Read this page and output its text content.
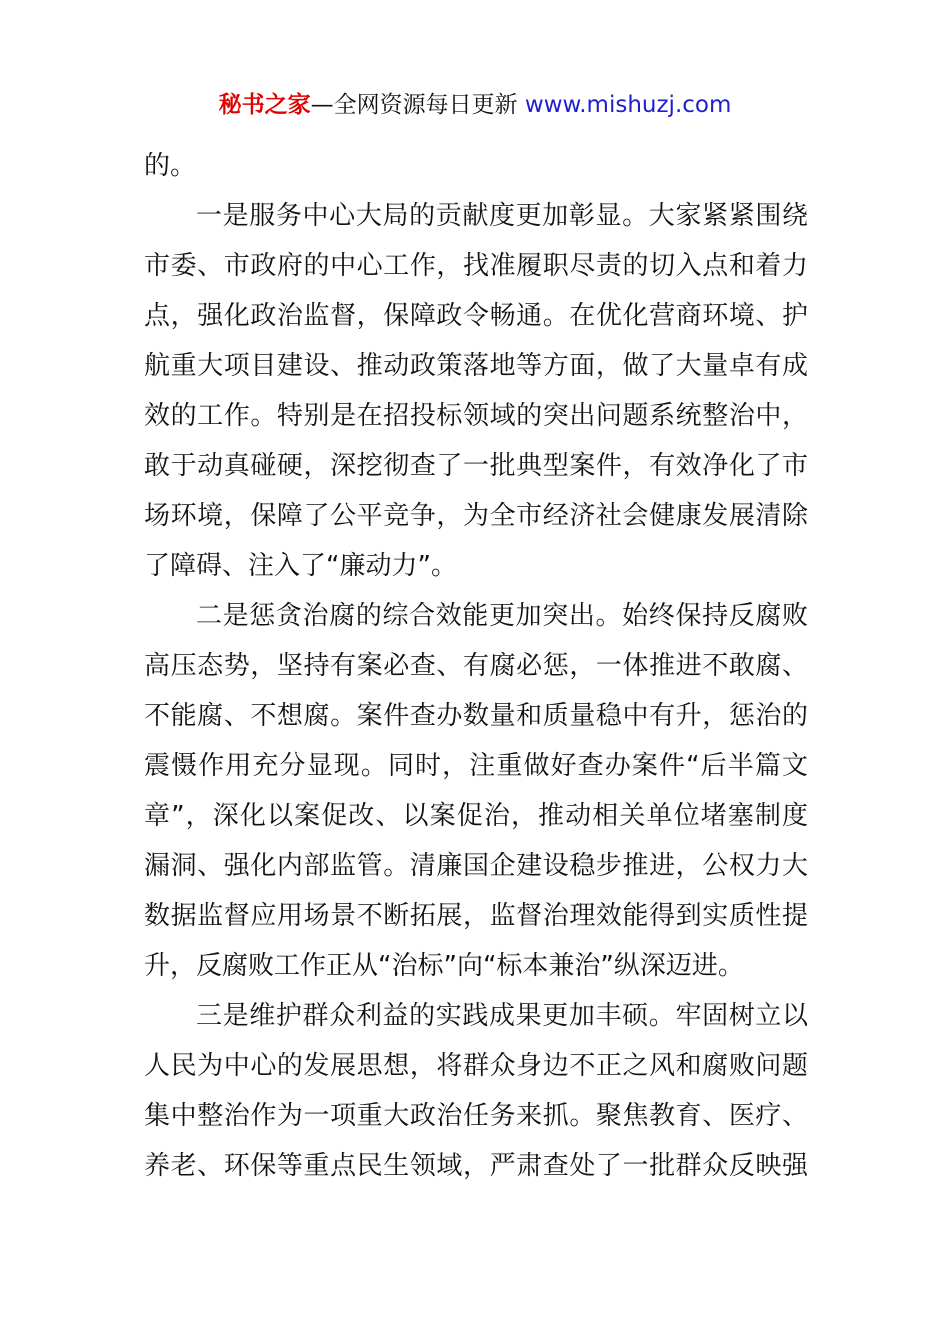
秘书之家—全网资源每日更新 www.mishuzj.com
的。
一是服务中心大局的贡献度更加彰显。大家紧紧围绕
市委、市政府的中心工作，找准履职尽责的切入点和着力
点，强化政治监督，保障政令畅通。在优化营商环境、护
航重大项目建设、推动政策落地等方面，做了大量卓有成
效的工作。特别是在招投标领域的突出问题系统整治中，
敢于动真碰硬，深挖彻查了一批典型案件，有效净化了市
场环境，保障了公平竞争，为全市经济社会健康发展清除
了障碍、注入了“廉动力”。
二是惩贪治腐的综合效能更加突出。始终保持反腐败
高压态势，坚持有案必查、有腐必惩，一体推进不敢腐、
不能腐、不想腐。案件查办数量和质量稳中有升，惩治的
震慑作用充分显现。同时，注重做好查办案件“后半篇文
章”，深化以案促改、以案促治，推动相关单位堵塞制度
漏洞、强化内部监管。清廉国企建设稳步推进，公权力大
数据监督应用场景不断拓展，监督治理效能得到实质性提
升，反腐败工作正从“治标”向“标本兼治”纵深迈进。
三是维护群众利益的实践成果更加丰硕。牢固树立以
人民为中心的发展思想，将群众身边不正之风和腐败问题
集中整治作为一项重大政治任务来抓。聚焦教育、医疗、
养老、环保等重点民生领域，严肃查处了一批群众反映强
